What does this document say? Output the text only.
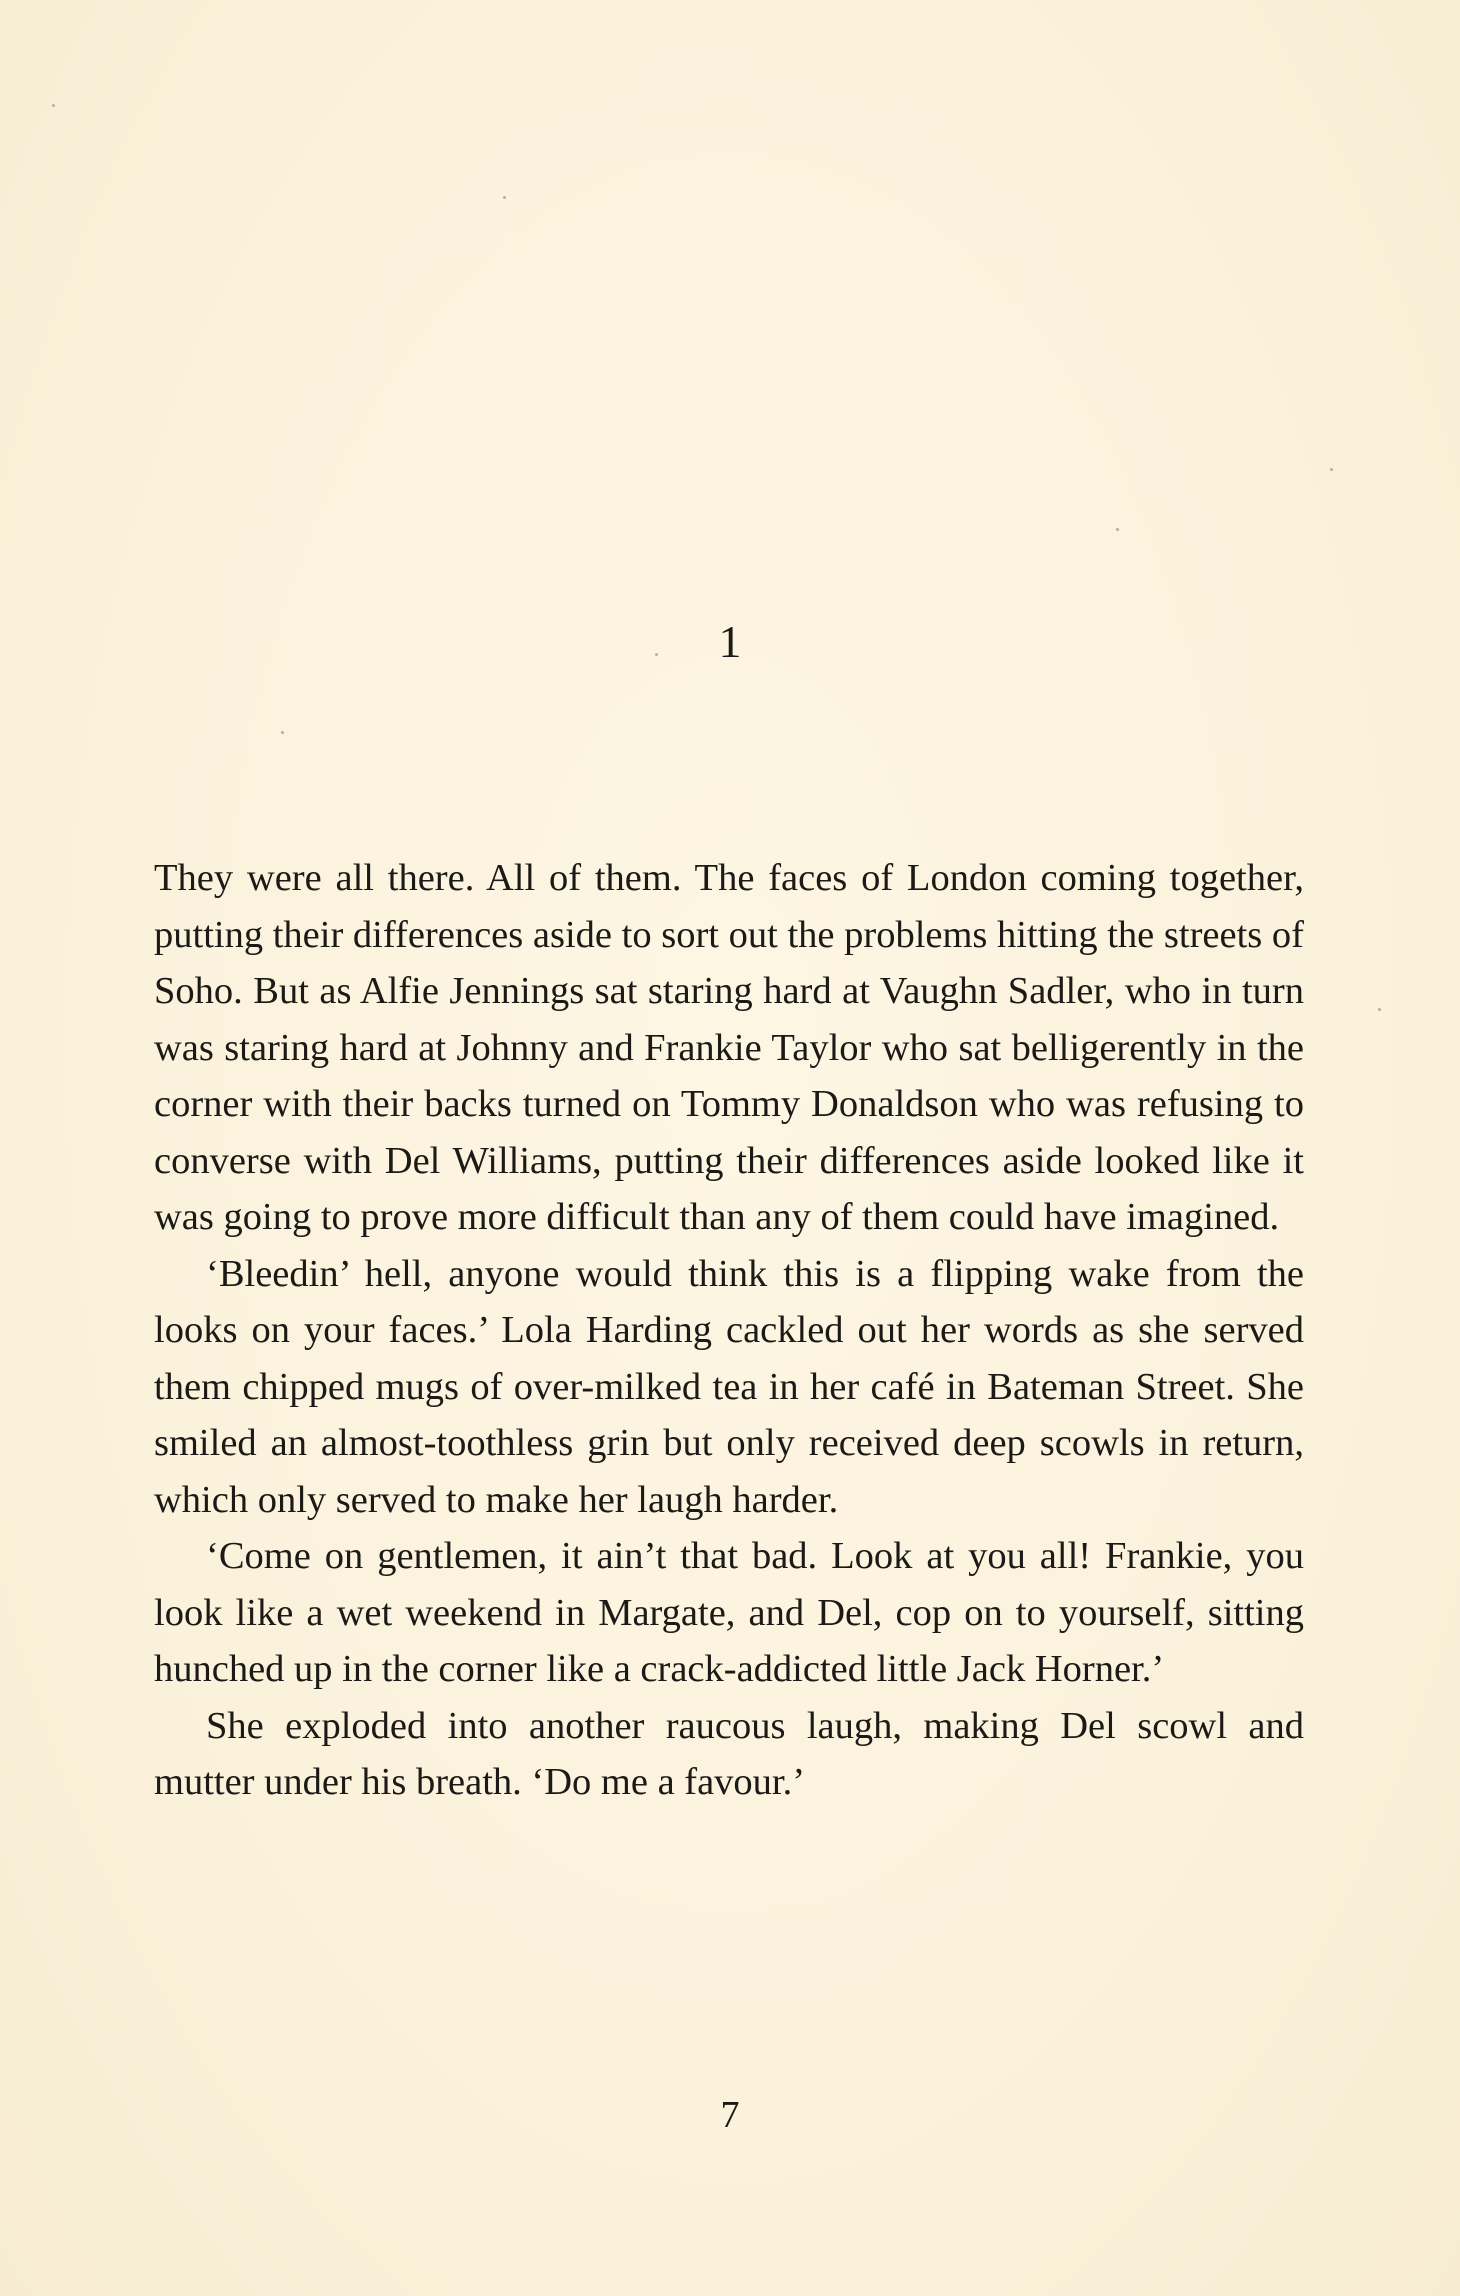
1

They were all there. All of them. The faces of London coming together, putting their differences aside to sort out the problems hitting the streets of Soho. But as Alfie Jennings sat staring hard at Vaughn Sadler, who in turn was staring hard at Johnny and Frankie Taylor who sat belligerently in the corner with their backs turned on Tommy Donaldson who was refusing to converse with Del Williams, putting their differences aside looked like it was going to prove more difficult than any of them could have imagined.

‘Bleedin’ hell, anyone would think this is a flipping wake from the looks on your faces.’ Lola Harding cackled out her words as she served them chipped mugs of over-milked tea in her café in Bateman Street. She smiled an almost-toothless grin but only received deep scowls in return, which only served to make her laugh harder.

‘Come on gentlemen, it ain’t that bad. Look at you all! Frankie, you look like a wet weekend in Margate, and Del, cop on to yourself, sitting hunched up in the corner like a crack-addicted little Jack Horner.’

She exploded into another raucous laugh, making Del scowl and mutter under his breath. ‘Do me a favour.’

7
